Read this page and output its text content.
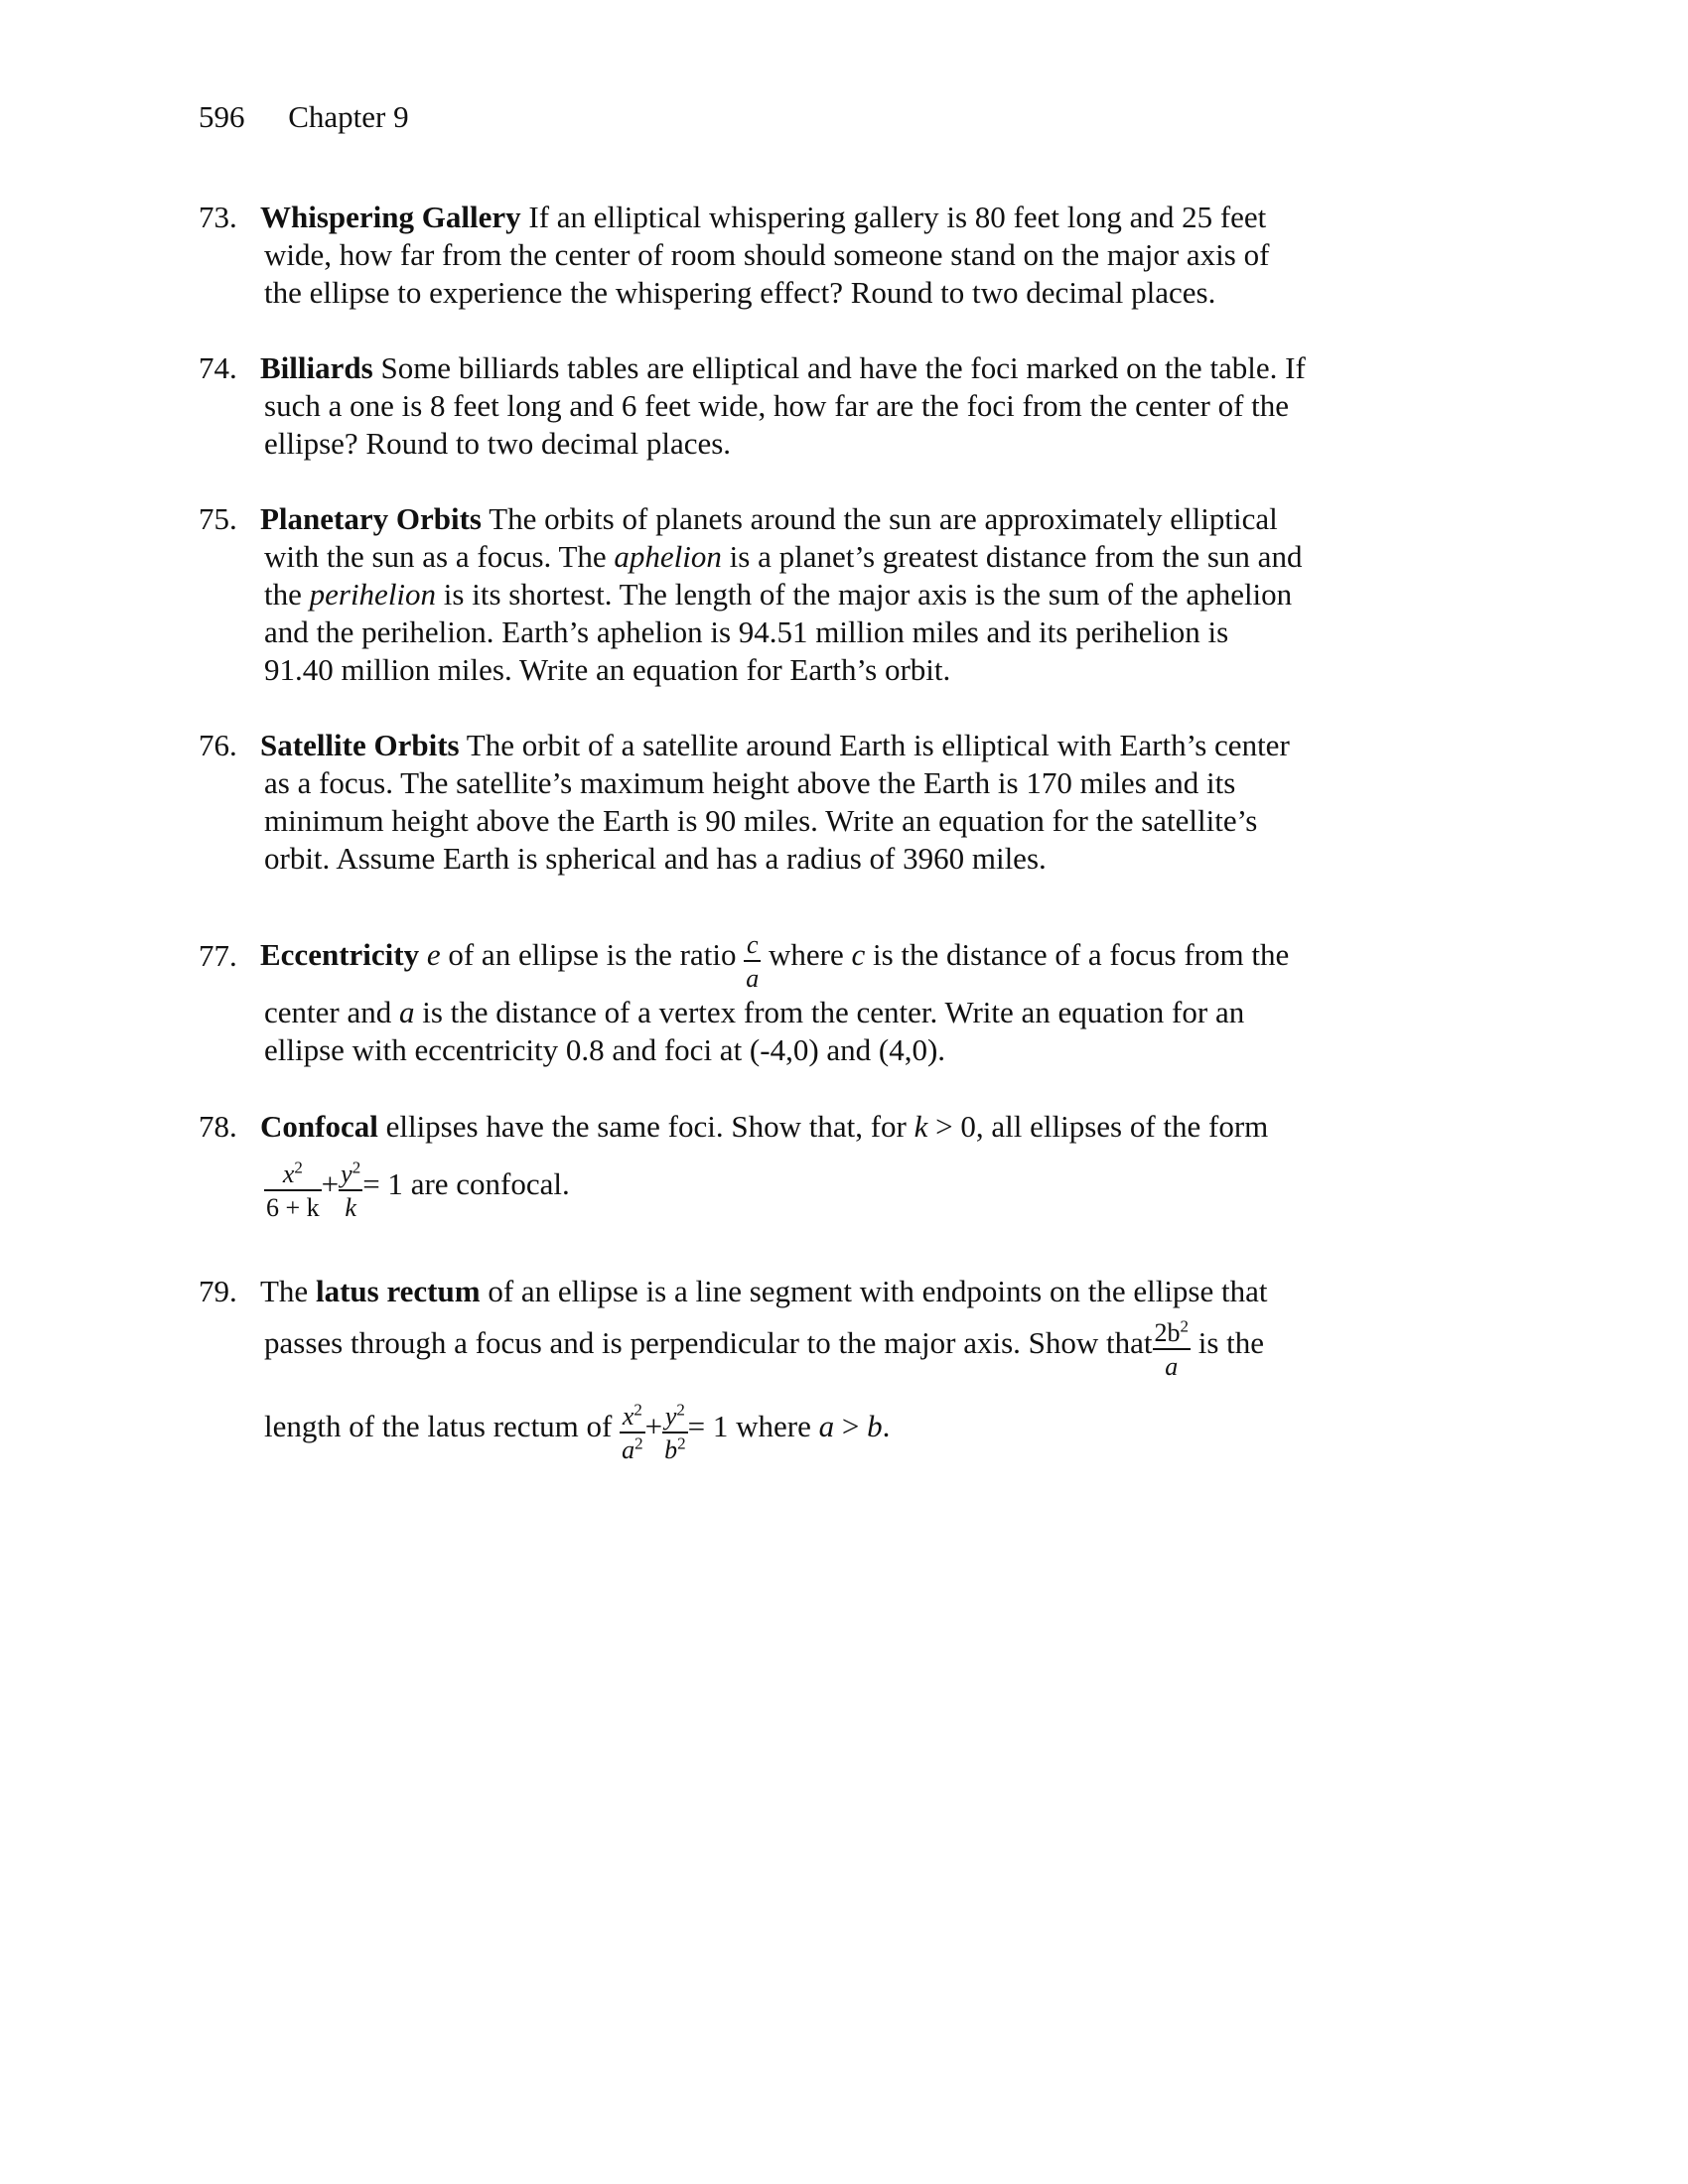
596 Chapter 9
73. Whispering Gallery If an elliptical whispering gallery is 80 feet long and 25 feet
wide, how far from the center of room should someone stand on the major axis of
the ellipse to experience the whispering effect? Round to two decimal places.
74. Billiards Some billiards tables are elliptical and have the foci marked on the table. If
such a one is 8 feet long and 6 feet wide, how far are the foci from the center of the
ellipse? Round to two decimal places.
75. Planetary Orbits The orbits of planets around the sun are approximately elliptical
with the sun as a focus. The aphelion is a planet’s greatest distance from the sun and
the perihelion is its shortest. The length of the major axis is the sum of the aphelion
and the perihelion. Earth’s aphelion is 94.51 million miles and its perihelion is
91.40 million miles. Write an equation for Earth’s orbit.
76. Satellite Orbits The orbit of a satellite around Earth is elliptical with Earth’s center
as a focus. The satellite’s maximum height above the Earth is 170 miles and its
minimum height above the Earth is 90 miles. Write an equation for the satellite’s
orbit. Assume Earth is spherical and has a radius of 3960 miles.
77. Eccentricity e of an ellipse is the ratio $\frac{c}{a}$ where c is the distance of a focus from the
center and a is the distance of a vertex from the center. Write an equation for an
ellipse with eccentricity 0.8 and foci at (-4,0) and (4,0).
78. Confocal ellipses have the same foci. Show that, for k > 0, all ellipses of the form
$\frac{x^2}{6 + k} + \frac{y^2}{k} = 1$ are confocal.
79. The latus rectum of an ellipse is a line segment with endpoints on the ellipse that
passes through a focus and is perpendicular to the major axis. Show that $\frac{2b^2}{a}$ is the
length of the latus rectum of $\frac{x^2}{a^2} + \frac{y^2}{b^2} = 1$ where a > b.
